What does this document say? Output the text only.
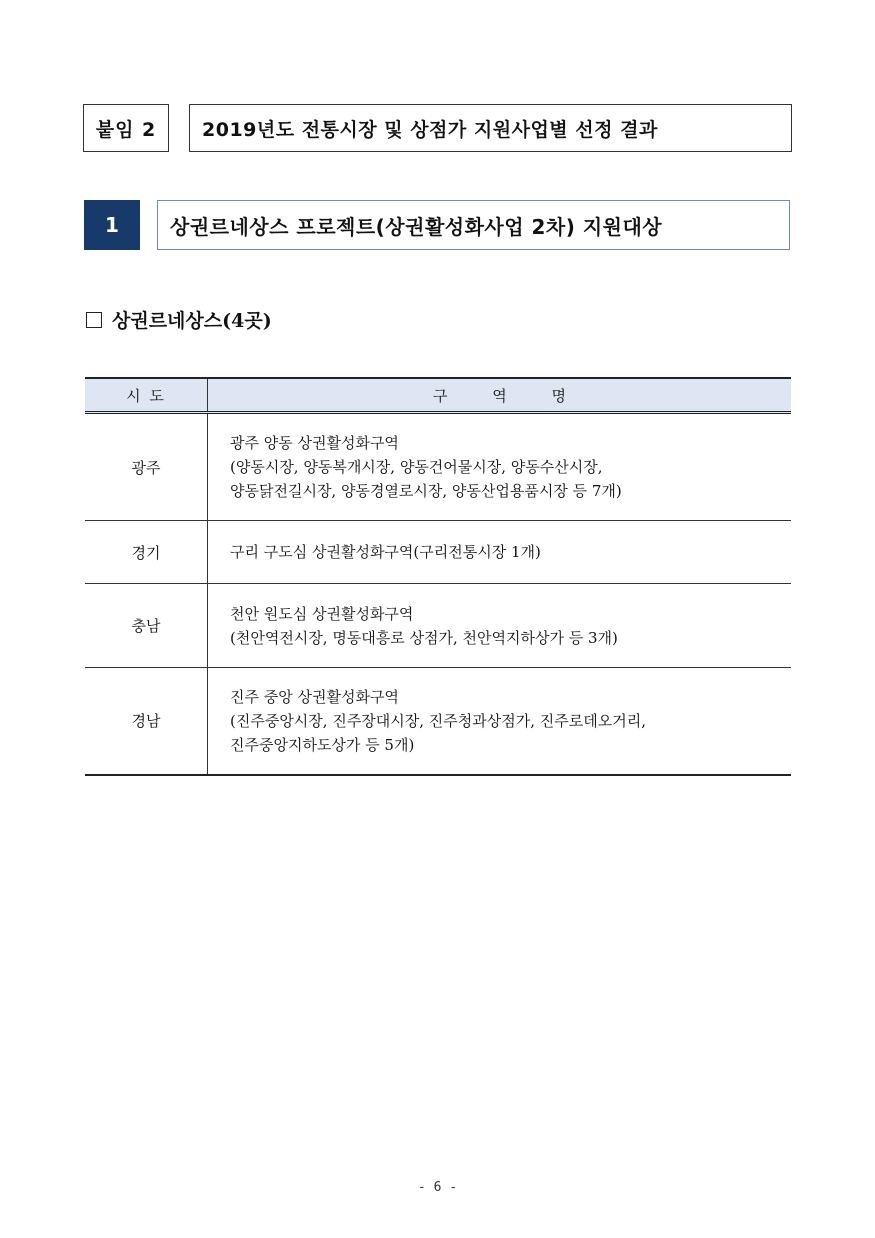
붙임 2	2019년도 전통시장 및 상점가 지원사업별 선정 결과
1	상권르네상스 프로젝트(상권활성화사업 2차) 지원대상
상권르네상스(4곳)
시 도	구 역 명
광주	광주 양동 상권활성화구역
(양동시장, 양동복개시장, 양동건어물시장, 양동수산시장,
양동닭전길시장, 양동경열로시장, 양동산업용품시장 등 7개)

경기	구리 구도심 상권활성화구역(구리전통시장 1개)

충남	천안 원도심 상권활성화구역
(천안역전시장, 명동대흥로 상점가, 천안역지하상가 등 3개)

경남	진주 중앙 상권활성화구역
(진주중앙시장, 진주장대시장, 진주청과상점가, 진주로데오거리,
진주중앙지하도상가 등 5개)
- 6 -
